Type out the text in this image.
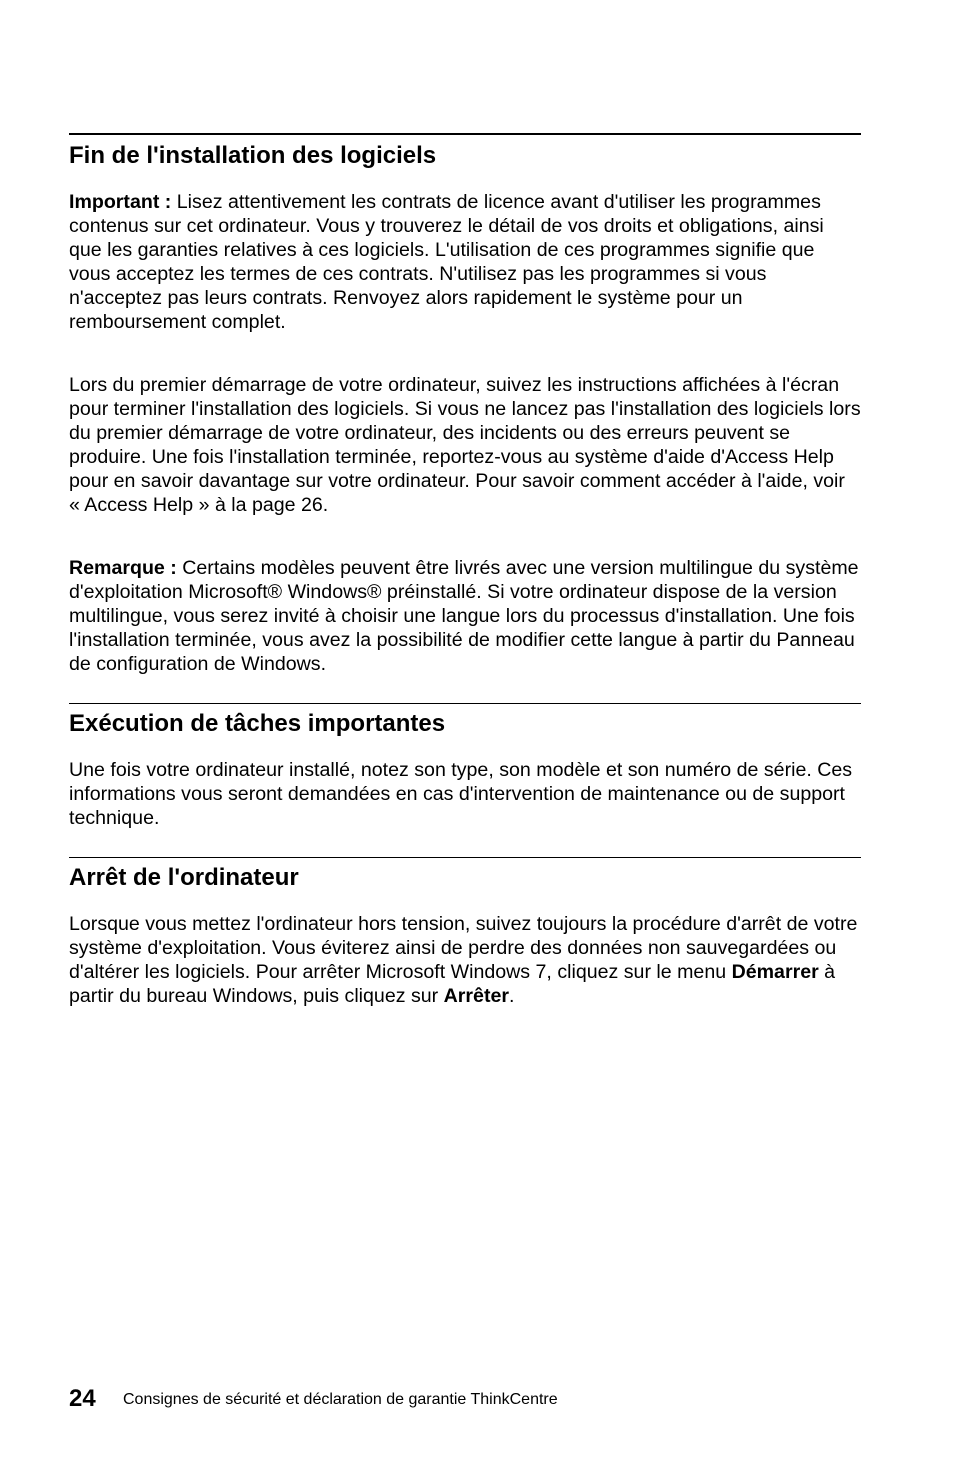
Fin de l'installation des logiciels

Important : Lisez attentivement les contrats de licence avant d'utiliser les programmes contenus sur cet ordinateur. Vous y trouverez le détail de vos droits et obligations, ainsi que les garanties relatives à ces logiciels. L'utilisation de ces programmes signifie que vous acceptez les termes de ces contrats. N'utilisez pas les programmes si vous n'acceptez pas leurs contrats. Renvoyez alors rapidement le système pour un remboursement complet.

Lors du premier démarrage de votre ordinateur, suivez les instructions affichées à l'écran pour terminer l'installation des logiciels. Si vous ne lancez pas l'installation des logiciels lors du premier démarrage de votre ordinateur, des incidents ou des erreurs peuvent se produire. Une fois l'installation terminée, reportez-vous au système d'aide d'Access Help pour en savoir davantage sur votre ordinateur. Pour savoir comment accéder à l'aide, voir « Access Help » à la page 26.

Remarque : Certains modèles peuvent être livrés avec une version multilingue du système d'exploitation Microsoft® Windows® préinstallé. Si votre ordinateur dispose de la version multilingue, vous serez invité à choisir une langue lors du processus d'installation. Une fois l'installation terminée, vous avez la possibilité de modifier cette langue à partir du Panneau de configuration de Windows.

Exécution de tâches importantes

Une fois votre ordinateur installé, notez son type, son modèle et son numéro de série. Ces informations vous seront demandées en cas d'intervention de maintenance ou de support technique.

Arrêt de l'ordinateur

Lorsque vous mettez l'ordinateur hors tension, suivez toujours la procédure d'arrêt de votre système d'exploitation. Vous éviterez ainsi de perdre des données non sauvegardées ou d'altérer les logiciels. Pour arrêter Microsoft Windows 7, cliquez sur le menu Démarrer à partir du bureau Windows, puis cliquez sur Arrêter.

24 Consignes de sécurité et déclaration de garantie ThinkCentre
